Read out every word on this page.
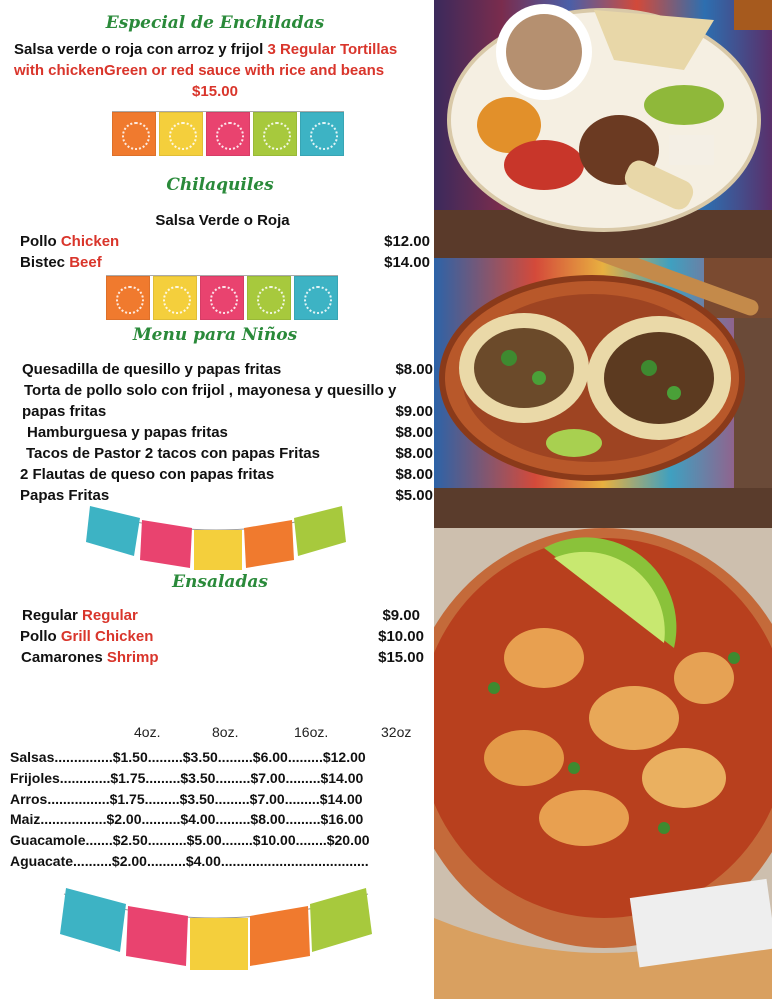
Especial de Enchiladas
Salsa verde o roja con arroz y frijol 3 Regular Tortillas
with chickenGreen or red sauce with rice and beans
$15.00
Chilaquiles
Salsa Verde o Roja
Pollo Chicken	$12.00
Bistec Beef	$14.00
Menu para Niños
Quesadilla de quesillo y papas fritas	$8.00
Torta de pollo solo con frijol , mayonesa y quesillo y
papas fritas	$9.00
Hamburguesa y papas fritas	$8.00
Tacos de Pastor 2 tacos con papas Fritas	$8.00
2 Flautas de queso con papas fritas	$8.00
Papas Fritas	$5.00
Ensaladas
Regular Regular	$9.00
Pollo Grill Chicken	$10.00
Camarones Shrimp	$15.00
4oz.	8oz.	16oz.	32oz
Salsas...............$1.50.........$3.50.........$6.00.........$12.00
Frijoles.............$1.75.........$3.50.........$7.00.........$14.00
Arros................$1.75.........$3.50.........$7.00.........$14.00
Maiz.................$2.00..........$4.00.........$8.00.........$16.00
Guacamole.......$2.50..........$5.00........$10.00........$20.00
Aguacate..........$2.00..........$4.00......................................
